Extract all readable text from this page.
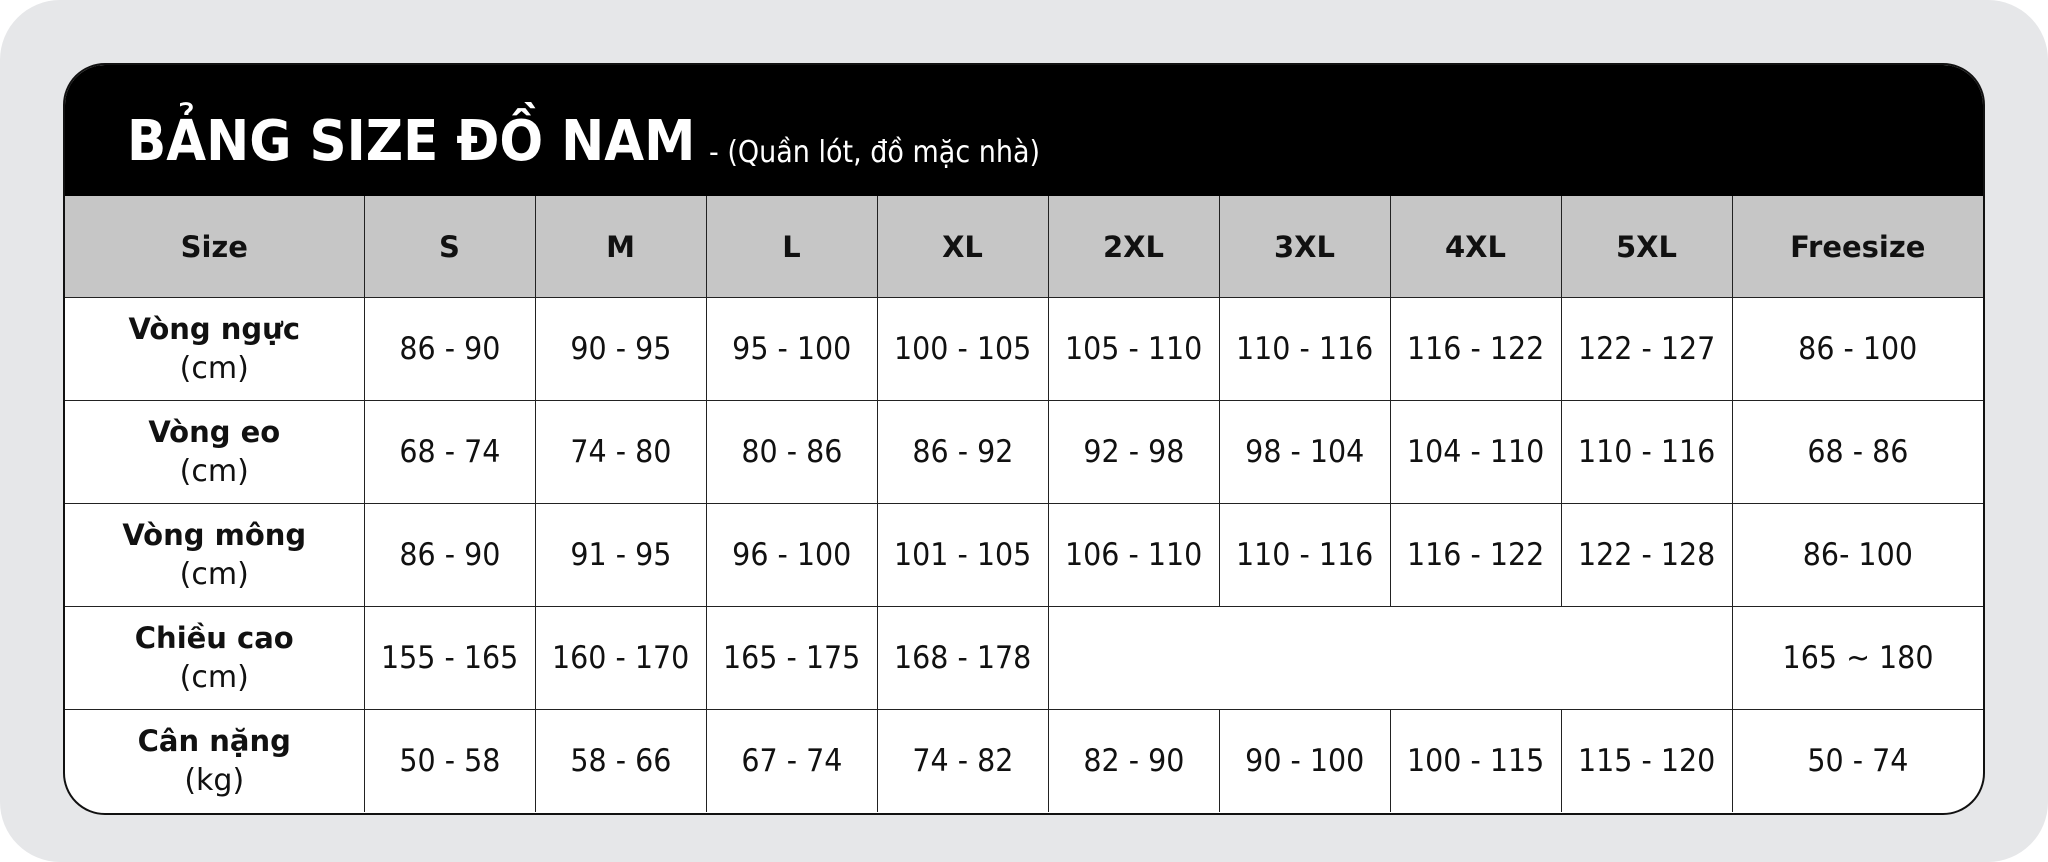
BẢNG SIZE ĐỒ NAM - (Quần lót, đồ mặc nhà)
Size	S	M	L	XL	2XL	3XL	4XL	5XL	Freesize

Vòng ngực
(cm)	86 - 90	90 - 95	95 - 100	100 - 105	105 - 110	110 - 116	116 - 122	122 - 127	86 - 100

Vòng eo
(cm)	68 - 74	74 - 80	80 - 86	86 - 92	92 - 98	98 - 104	104 - 110	110 - 116	68 - 86

Vòng mông
(cm)	86 - 90	91 - 95	96 - 100	101 - 105	106 - 110	110 - 116	116 - 122	122 - 128	86- 100

Chiều cao
(cm)	155 - 165	160 - 170	165 - 175	168 - 178					165 ~ 180

Cân nặng
(kg)	50 - 58	58 - 66	67 - 74	74 - 82	82 - 90	90 - 100	100 - 115	115 - 120	50 - 74
